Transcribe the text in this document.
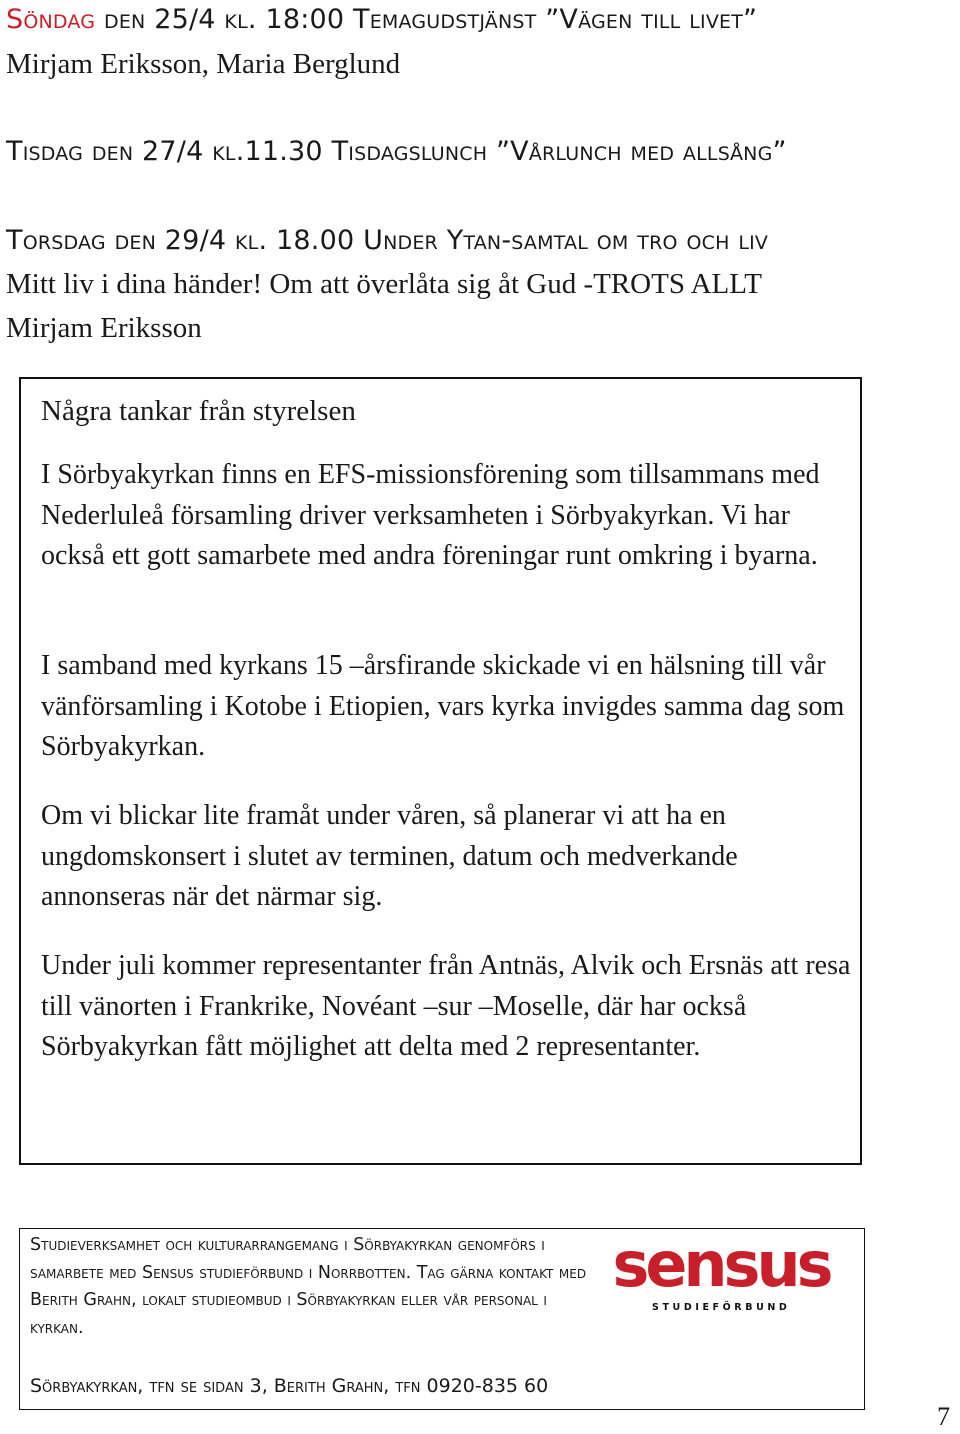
Söndag den 25/4 kl. 18:00 Temagudstjänst ”Vägen till livet”
Mirjam Eriksson, Maria Berglund
Tisdag den 27/4 kl.11.30 Tisdagslunch ”Vårlunch med allsång”
Torsdag den 29/4 kl. 18.00 Under Ytan-samtal om tro och liv
Mitt liv i dina händer! Om att överlåta sig åt Gud -TROTS ALLT
Mirjam Eriksson
Några tankar från styrelsen
I Sörbyakyrkan finns en EFS-missionsförening som tillsammans med Nederluleå församling driver verksamheten i Sörbyakyrkan. Vi har också ett gott samarbete med andra föreningar runt omkring i byarna.
I samband med kyrkans 15 –årsfirande skickade vi en hälsning till vår vänförsamling i Kotobe i Etiopien, vars kyrka invigdes samma dag som Sörbyakyrkan.
Om vi blickar lite framåt under våren, så planerar vi att ha en ungdomskonsert i slutet av terminen, datum och medverkande annonseras när det närmar sig.
Under juli kommer representanter från Antnäs, Alvik och Ersnäs att resa till vänorten i Frankrike, Novéant –sur –Moselle, där har också Sörbyakyrkan fått möjlighet att delta med 2 representanter.
Studieverksamhet och kulturarrangemang i Sörbyakyrkan genomförs i samarbete med Sensus studieförbund i Norrbotten. Tag gärna kontakt med Berith Grahn, lokalt studieombud i Sörbyakyrkan eller vår personal i kyrkan.
sensus
STUDIEFÖRBUND
Sörbyakyrkan, tfn se sidan 3, Berith Grahn, tfn 0920-835 60
7
